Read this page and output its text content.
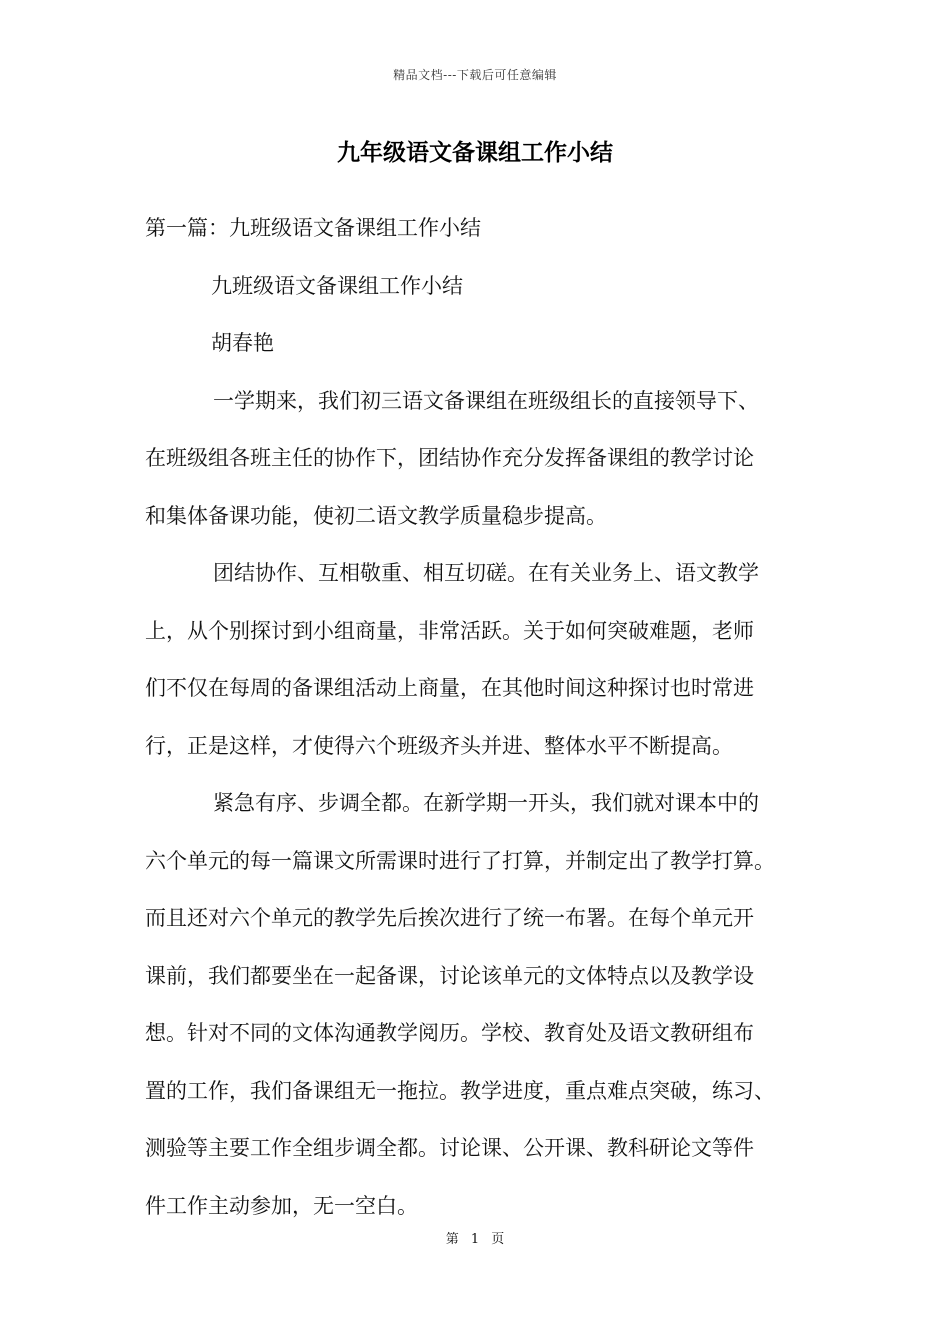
精品文档---下载后可任意编辑
九年级语文备课组工作小结
第一篇：九班级语文备课组工作小结
九班级语文备课组工作小结
胡春艳
一学期来，我们初三语文备课组在班级组长的直接领导下、
在班级组各班主任的协作下，团结协作充分发挥备课组的教学讨论
和集体备课功能，使初二语文教学质量稳步提高。
团结协作、互相敬重、相互切磋。在有关业务上、语文教学
上，从个别探讨到小组商量，非常活跃。关于如何突破难题，老师
们不仅在每周的备课组活动上商量，在其他时间这种探讨也时常进
行，正是这样，才使得六个班级齐头并进、整体水平不断提高。
紧急有序、步调全都。在新学期一开头，我们就对课本中的
六个单元的每一篇课文所需课时进行了打算，并制定出了教学打算。
而且还对六个单元的教学先后挨次进行了统一布署。在每个单元开
课前，我们都要坐在一起备课，讨论该单元的文体特点以及教学设
想。针对不同的文体沟通教学阅历。学校、教育处及语文教研组布
置的工作，我们备课组无一拖拉。教学进度，重点难点突破，练习、
测验等主要工作全组步调全都。讨论课、公开课、教科研论文等件
件工作主动参加，无一空白。
第 1 页
